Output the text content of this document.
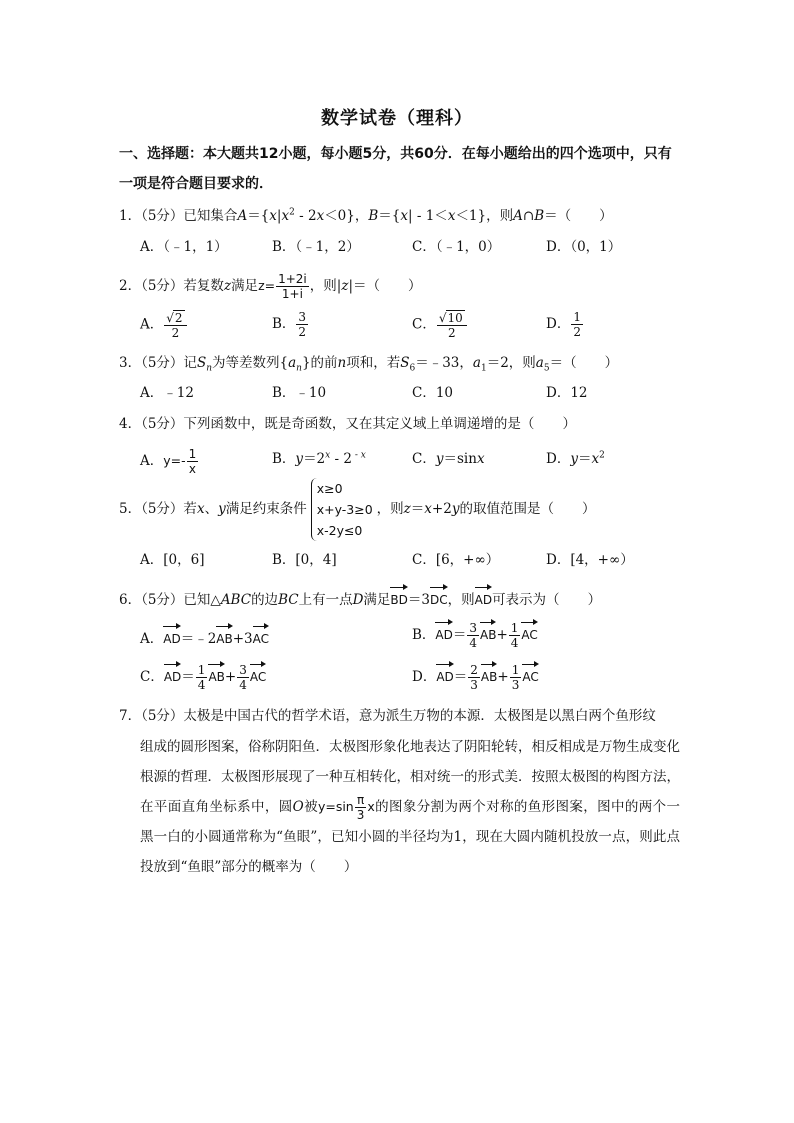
数学试卷（理科）
一、选择题：本大题共12小题，每小题5分，共60分．在每小题给出的四个选项中，只有一项是符合题目要求的．
1．（5分）已知集合$A=\{x|x^2 - 2x<0\}$，B＝{x| - 1＜x＜1}，则A∩B＝（ ）
A．（﹣1，1）	B．（﹣1，2）	C．（﹣1，0）	D．（0，1）
2．（5分）若复数z满足$z= \frac{1+2i}{1+i}$ ，则|z|＝（ ）
A． $\frac{√2}{2}$	B． $\frac{3}{2}$	C． $\frac{√10}{2}$	D． $\frac{1}{2}$
3．（5分）记$S_n$为等差数列$\{a_n\}$的前n项和，若$S_6=﹣33$，$a_1=2$，则$a_5=$（ ）
A．﹣12	B．﹣10	C．10	D．12
4．（5分）下列函数中，既是奇函数，又在其定义域上单调递增的是（ ）
A．$y=- \frac{1}{x}$	B．$y=2^x - 2$ $^{- x}$	C．y＝sinx	D．$y=x^2$
5．（5分）若x、y满足约束条件x≥0
x+y-3≥0
x-2y≤0，则z＝x+2y的取值范围是（ ）
A．[0，6]	B．[0，4]	C．[6，+∞）	D．[4，+∞）
6．（5分）已知△ABC的边BC上有一点D满足BD＝3DC，则AD可表示为（ ）
A．AD＝﹣2AB+3AC	B．$AD= \frac{3}{4} AB+ \frac{1}{4}$ AC
C．$AD= \frac{1}{4} AB+ \frac{3}{4}$ AC	D．$AD= \frac{2}{3} AB+ \frac{1}{3}$ AC
7．（5分）太极是中国古代的哲学术语，意为派生万物的本源．太极图是以黑白两个鱼形纹
组成的圆形图案，俗称阴阳鱼．太极图形象化地表达了阴阳轮转，相反相成是万物生成变化根源的哲理．太极图形展现了一种互相转化，相对统一的形式美．按照太极图的构图方法，在平面直角坐标系中，圆O被$y=\sin \frac{\pi}{3}$ x的图象分割为两个对称的鱼形图案，图中的两个一黑一白的小圆通常称为“鱼眼”，已知小圆的半径均为1，现在大圆内随机投放一点，则此点投放到“鱼眼”部分的概率为（ ）
